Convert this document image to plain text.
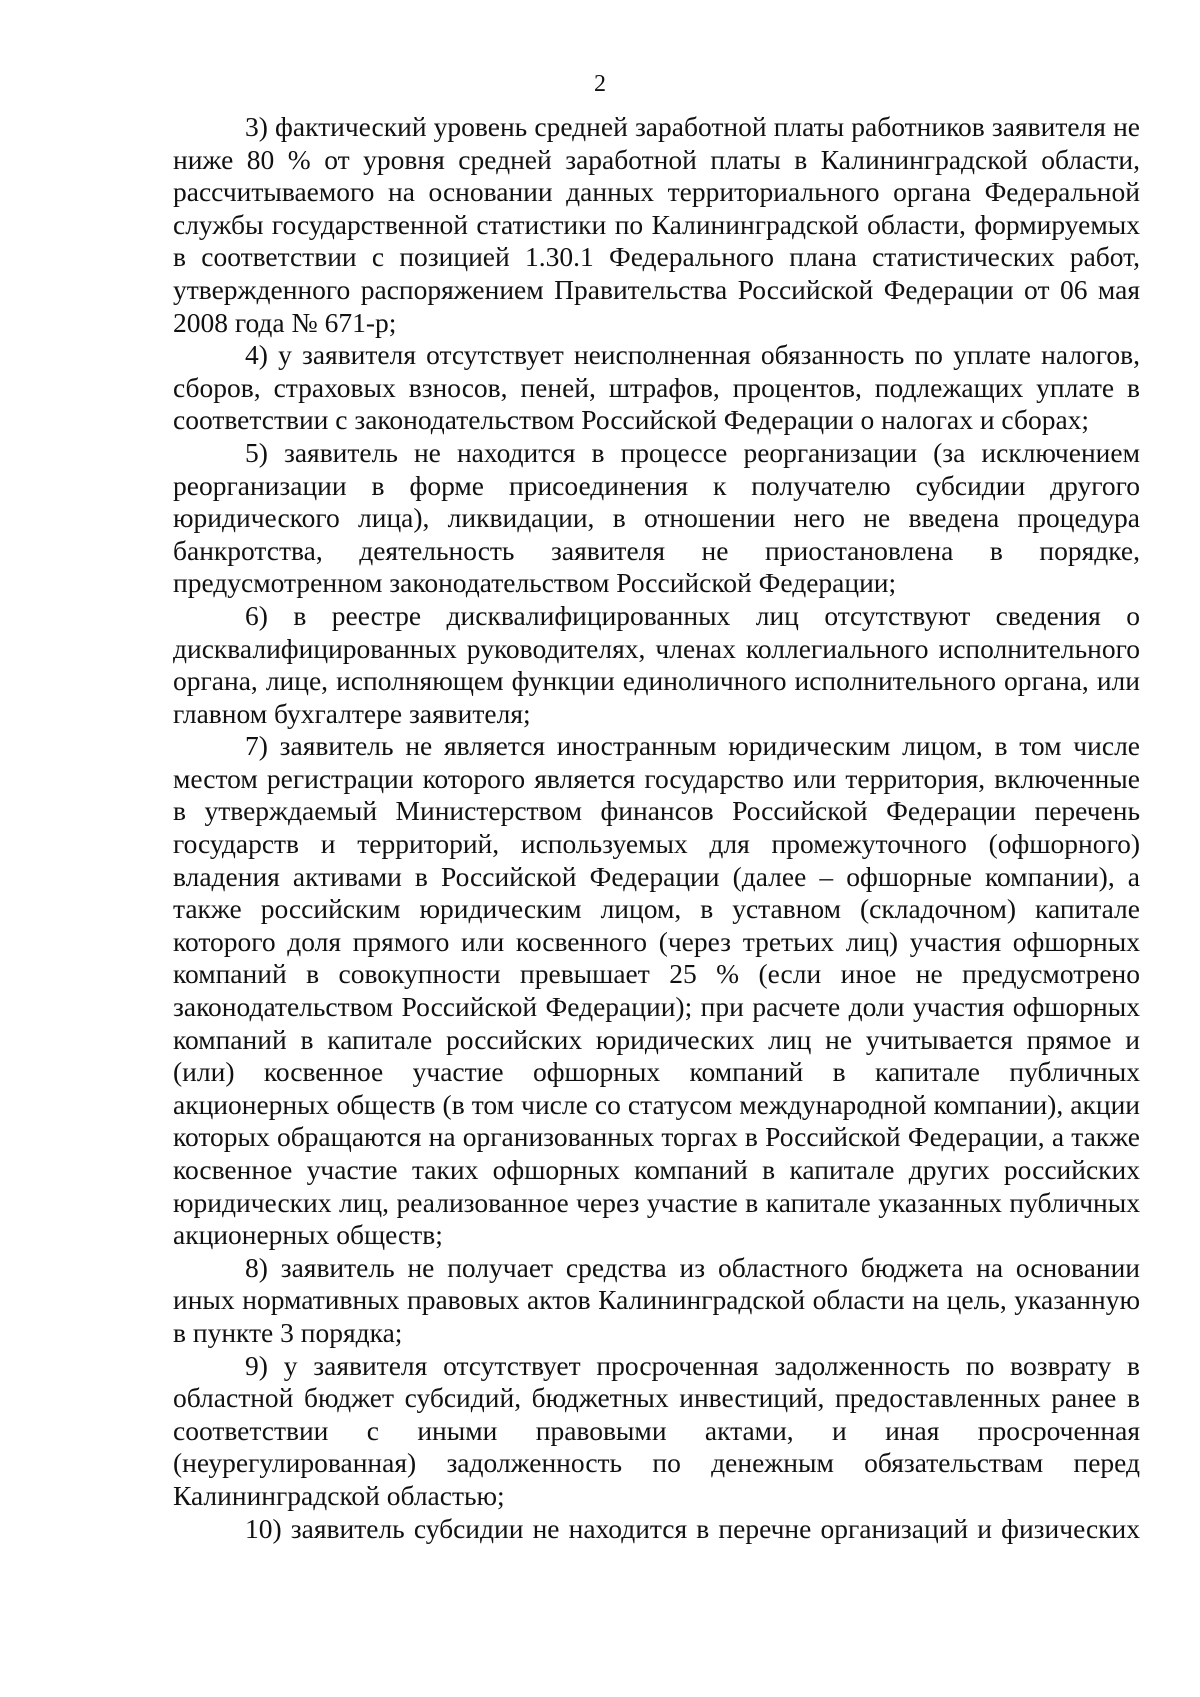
2

3) фактический уровень средней заработной платы работников заявителя не ниже 80 % от уровня средней заработной платы в Калининградской области, рассчитываемого на основании данных территориального органа Федеральной службы государственной статистики по Калининградской области, формируемых в соответствии с позицией 1.30.1 Федерального плана статистических работ, утвержденного распоряжением Правительства Российской Федерации от 06 мая 2008 года № 671-р;

4) у заявителя отсутствует неисполненная обязанность по уплате налогов, сборов, страховых взносов, пеней, штрафов, процентов, подлежащих уплате в соответствии с законодательством Российской Федерации о налогах и сборах;

5) заявитель не находится в процессе реорганизации (за исключением реорганизации в форме присоединения к получателю субсидии другого юридического лица), ликвидации, в отношении него не введена процедура банкротства, деятельность заявителя не приостановлена в порядке, предусмотренном законодательством Российской Федерации;

6) в реестре дисквалифицированных лиц отсутствуют сведения о дисквалифицированных руководителях, членах коллегиального исполнительного органа, лице, исполняющем функции единоличного исполнительного органа, или главном бухгалтере заявителя;

7) заявитель не является иностранным юридическим лицом, в том числе местом регистрации которого является государство или территория, включенные в утверждаемый Министерством финансов Российской Федерации перечень государств и территорий, используемых для промежуточного (офшорного) владения активами в Российской Федерации (далее – офшорные компании), а также российским юридическим лицом, в уставном (складочном) капитале которого доля прямого или косвенного (через третьих лиц) участия офшорных компаний в совокупности превышает 25 % (если иное не предусмотрено законодательством Российской Федерации); при расчете доли участия офшорных компаний в капитале российских юридических лиц не учитывается прямое и (или) косвенное участие офшорных компаний в капитале публичных акционерных обществ (в том числе со статусом международной компании), акции которых обращаются на организованных торгах в Российской Федерации, а также косвенное участие таких офшорных компаний в капитале других российских юридических лиц, реализованное через участие в капитале указанных публичных акционерных обществ;

8) заявитель не получает средства из областного бюджета на основании иных нормативных правовых актов Калининградской области на цель, указанную в пункте 3 порядка;

9) у заявителя отсутствует просроченная задолженность по возврату в областной бюджет субсидий, бюджетных инвестиций, предоставленных ранее в соответствии с иными правовыми актами, и иная просроченная (неурегулированная) задолженность по денежным обязательствам перед Калининградской областью;

10) заявитель субсидии не находится в перечне организаций и физических
